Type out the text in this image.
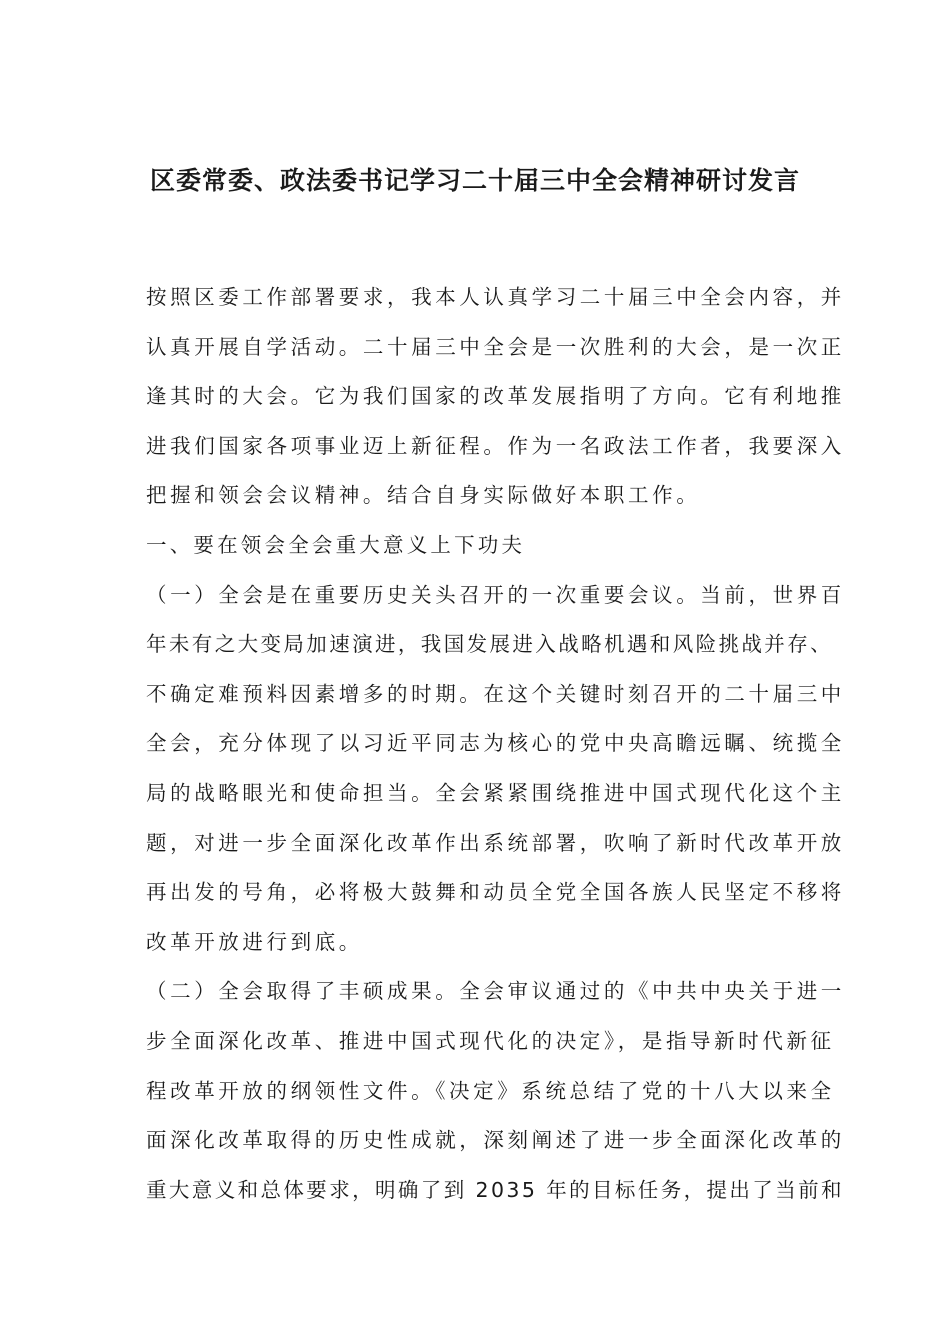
区委常委、政法委书记学习二十届三中全会精神研讨发言
按照区委工作部署要求，我本人认真学习二十届三中全会内容，并
认真开展自学活动。二十届三中全会是一次胜利的大会，是一次正
逢其时的大会。它为我们国家的改革发展指明了方向。它有利地推
进我们国家各项事业迈上新征程。作为一名政法工作者，我要深入
把握和领会会议精神。结合自身实际做好本职工作。
一、要在领会全会重大意义上下功夫
（一）全会是在重要历史关头召开的一次重要会议。当前，世界百
年未有之大变局加速演进，我国发展进入战略机遇和风险挑战并存、
不确定难预料因素增多的时期。在这个关键时刻召开的二十届三中
全会，充分体现了以习近平同志为核心的党中央高瞻远瞩、统揽全
局的战略眼光和使命担当。全会紧紧围绕推进中国式现代化这个主
题，对进一步全面深化改革作出系统部署，吹响了新时代改革开放
再出发的号角，必将极大鼓舞和动员全党全国各族人民坚定不移将
改革开放进行到底。
（二）全会取得了丰硕成果。全会审议通过的《中共中央关于进一
步全面深化改革、推进中国式现代化的决定》，是指导新时代新征
程改革开放的纲领性文件。《决定》系统总结了党的十八大以来全
面深化改革取得的历史性成就，深刻阐述了进一步全面深化改革的
重大意义和总体要求，明确了到 2035 年的目标任务，提出了当前和
